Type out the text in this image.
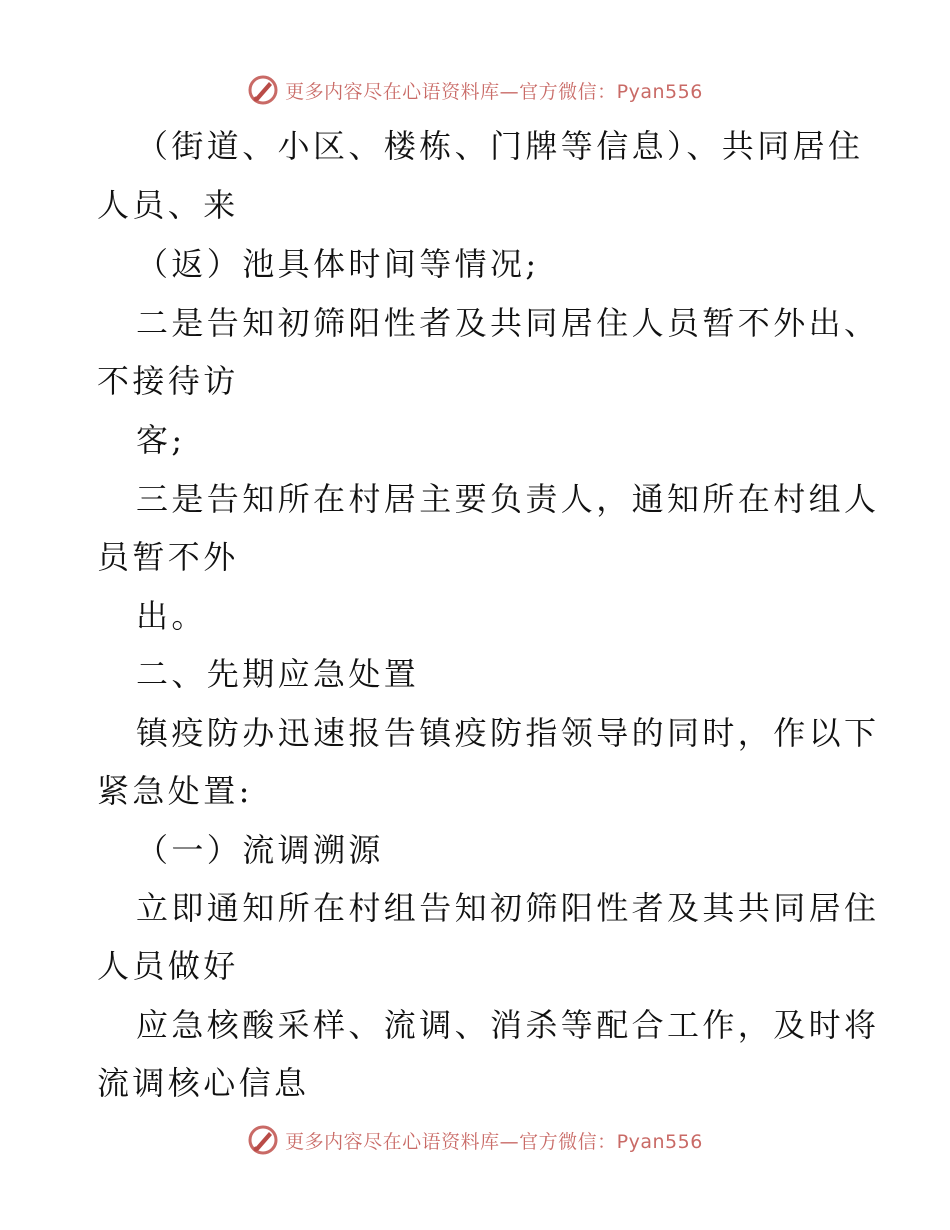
更多内容尽在心语资料库—官方微信：Pyan556
（街道、小区、楼栋、门牌等信息）、共同居住
人员、来
（返）池具体时间等情况;
二是告知初筛阳性者及共同居住人员暂不外出、
不接待访
客;
三是告知所在村居主要负责人，通知所在村组人
员暂不外
出。
二、先期应急处置
镇疫防办迅速报告镇疫防指领导的同时，作以下
紧急处置:
（一）流调溯源
立即通知所在村组告知初筛阳性者及其共同居住
人员做好
应急核酸采样、流调、消杀等配合工作，及时将
流调核心信息
更多内容尽在心语资料库—官方微信：Pyan556
